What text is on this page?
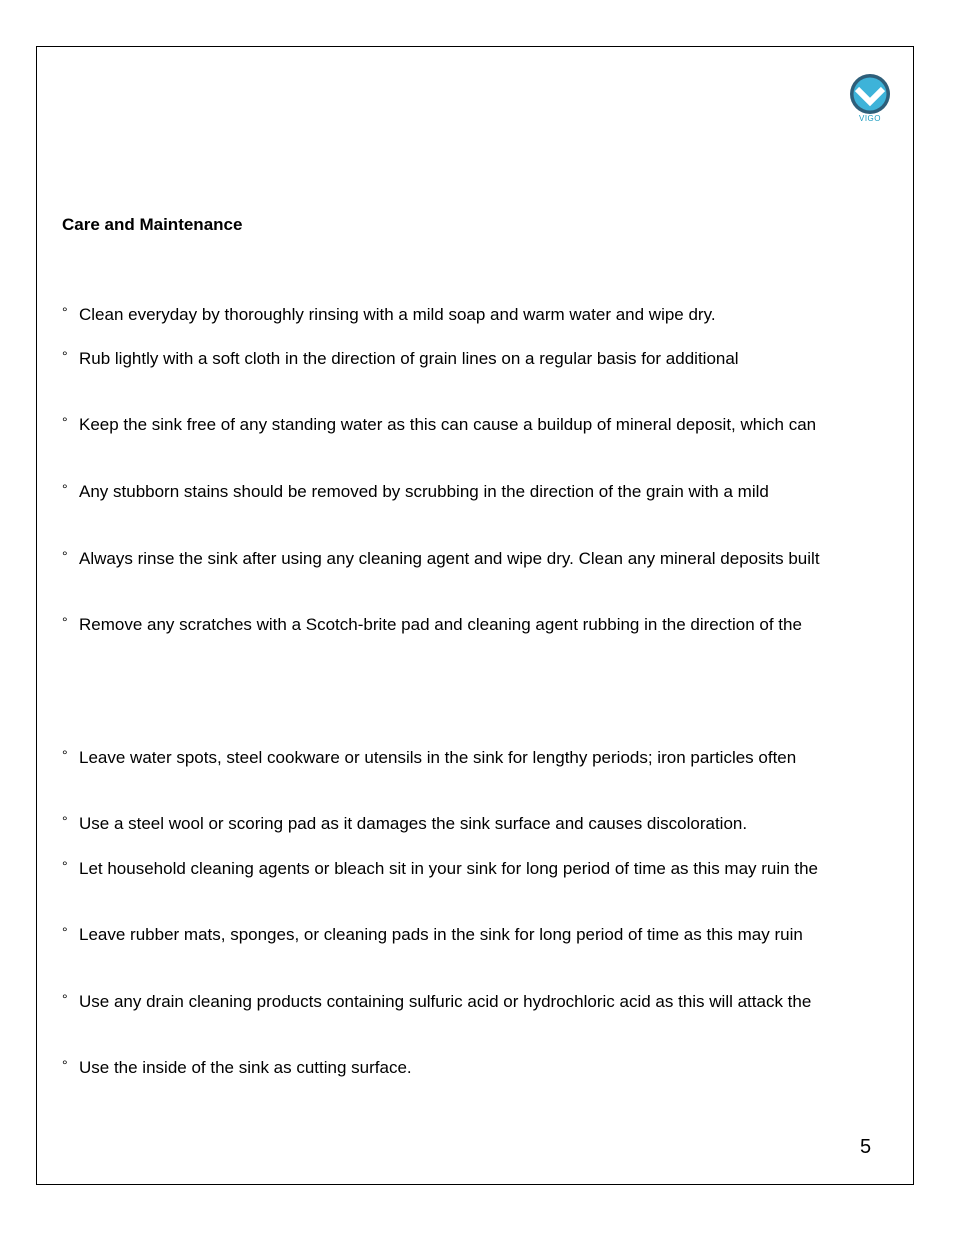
VIGO
Care and Maintenance
° Clean everyday by thoroughly rinsing with a mild soap and warm water and wipe dry.
° Rub lightly with a soft cloth in the direction of grain lines on a regular basis for additional
° Keep the sink free of any standing water as this can cause a buildup of mineral deposit, which can
° Any stubborn stains should be removed by scrubbing in the direction of the grain with a mild
° Always rinse the sink after using any cleaning agent and wipe dry. Clean any mineral deposits built
° Remove any scratches with a Scotch-brite pad and cleaning agent rubbing in the direction of the
° Leave water spots, steel cookware or utensils in the sink for lengthy periods; iron particles often
° Use a steel wool or scoring pad as it damages the sink surface and causes discoloration.
° Let household cleaning agents or bleach sit in your sink for long period of time as this may ruin the
° Leave rubber mats, sponges, or cleaning pads in the sink for long period of time as this may ruin
° Use any drain cleaning products containing sulfuric acid or hydrochloric acid as this will attack the
° Use the inside of the sink as cutting surface.
5
